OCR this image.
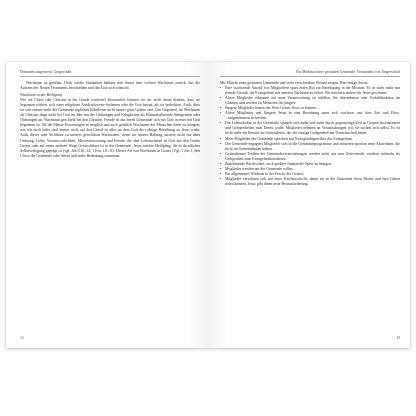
Dreanden ausgestreut. Gingeschaft

Wachstum ist greifbar. Doch solche Statistiken bleiben weit hinter dem wahren Wachstum zurück, das die Autoren des Neuen Testaments beschreiben und das Gott sich wünscht.

Wachstum in der Heiligung

Wer als Christ (der Christin in der Gnade wachsen? Erstaunlich können wir dir nicht daran denken, dass sie begonnen wirken, sich einer religiösen Ansdruckweise bedienen oder die Gott betont, als sie bedeckten. Auch, dass sie sich immer mehr der Gemeinde täglichen Bibellesen nicht immer ganz Gebete sein. Um Gegenteil, im Wachstum als Christen fängt nicht bei Gott im Jahr mit der Ordnungen und Fähigkeiten als Himmelsflutende Stringenzen oder Ordnungen an. Wachstum geschieht bei den Christen. Freude ist nur bereit Gemeinde sich mit Gott in einer bei Gott begonnen ist. All die Mäuse Erwartungen es möglich und auch geistlich Wachstum des Menschen darin zu bringen; wie wir noch jedes sind immer nicht auf den Grund ist alles an dem Gott die richtige Beziehung zu Jesus wirkt. Auch dieses oder Sichtbare zu unseres geistlichen Wachstums; wenn wir unsere Haltung, unserer nicht nur über Ordnung, Liebe, Verantwortlichkeit, Mitverantwortung und Freude, die aber Lebenscheitel ist Gott aus den Gottes Gesetz oder auf einen anderen Wege Geistesführer ist in der Gemeinde. Jesus möchte Heiligung, die in christlicher Selbstverlegung geprägt ist (vgl. Joh 3,30–14; 1 Petr 1,8–11). Dieser Art von Wachstum in Gottes (Vgl. 1 Joh 1, den Ulisse die Gemeinde oder dieses und mehr Bedeutung zumessen.

12
Ein Merkmal einer gesunden Gemeinde: Verständnis von Jüngerschaft

Mit Mitteln einer gesunden Gemeinde und viele verschiedene Weisen zeigen. Hier einige davon:

• Eine wachsende Anzahl von Mitgliedern spürt einen Ruf zur Beteiligung in die Mission. Es ist nicht mehr nur fremde Gestalt, die Evangelium mit unseren Nachbarn zu teilen. Wir möchten andere für Jesus gewinnen.
• Ältere Mitglieder erkennen auf neue Verantwortung zu erfüllen. Sie übernehmen eine Vorbildfunktion im Glauben und werden zu Mentoren für jüngere.
• Jüngere Mitglieder lernen das Wort Gottes Jesus zu kennen ...
• Ältere Mitglieder und Jüngere Jesus in eine Beziehung unter sich wachsen, um, dass Zeit und Fluss. ...aufgenommen in werden.
• Die Lebenskultur in der Gemeinde spiegelt sich mehr und mehr durch gegenseitige Zeit in Gesprächssituationen und Gelegenheiten zum Dienst wider. Mitglieder nehmen an Veranstaltungen teil, sie suchen sich selbst. Es ist nicht mehr ein Besuch im Gottesdienst, der die einzige Gelegenheit zur Gemeinschaft bietet.
• Mehr Mitglieder der Gemeinde sprechen mit Nichtgläubigen über das Evangelium.
• Die Gemeinde engagiert Mitglieder sich in die Gemeindeprogramme und initiieren spontan neue Aktivitäten, die nicht im Gemeindeplan stehen.
• Gottesdienste Treffen der Gemeindeveranstaltungen werden nicht nur zum Zeitvertreib, sondern vielmehr als Gelegenheit zum Evangelisationsdienst.
• Zunehmende Bereitschaft, auch größere finanzielle Opfer zu bringen.
• Mitglieder werden um der Gemeinde willen ...
• Ein allgemeines Wachsen in der Frucht des Geistes.
• Mitglieder versöhnen sich mit einer Kirchenschicht, damit sie in der Gemeinde ihren Dienst und ihre Gaben teilen können. Jesus gibt ihnen neue Herausforderung.
13
